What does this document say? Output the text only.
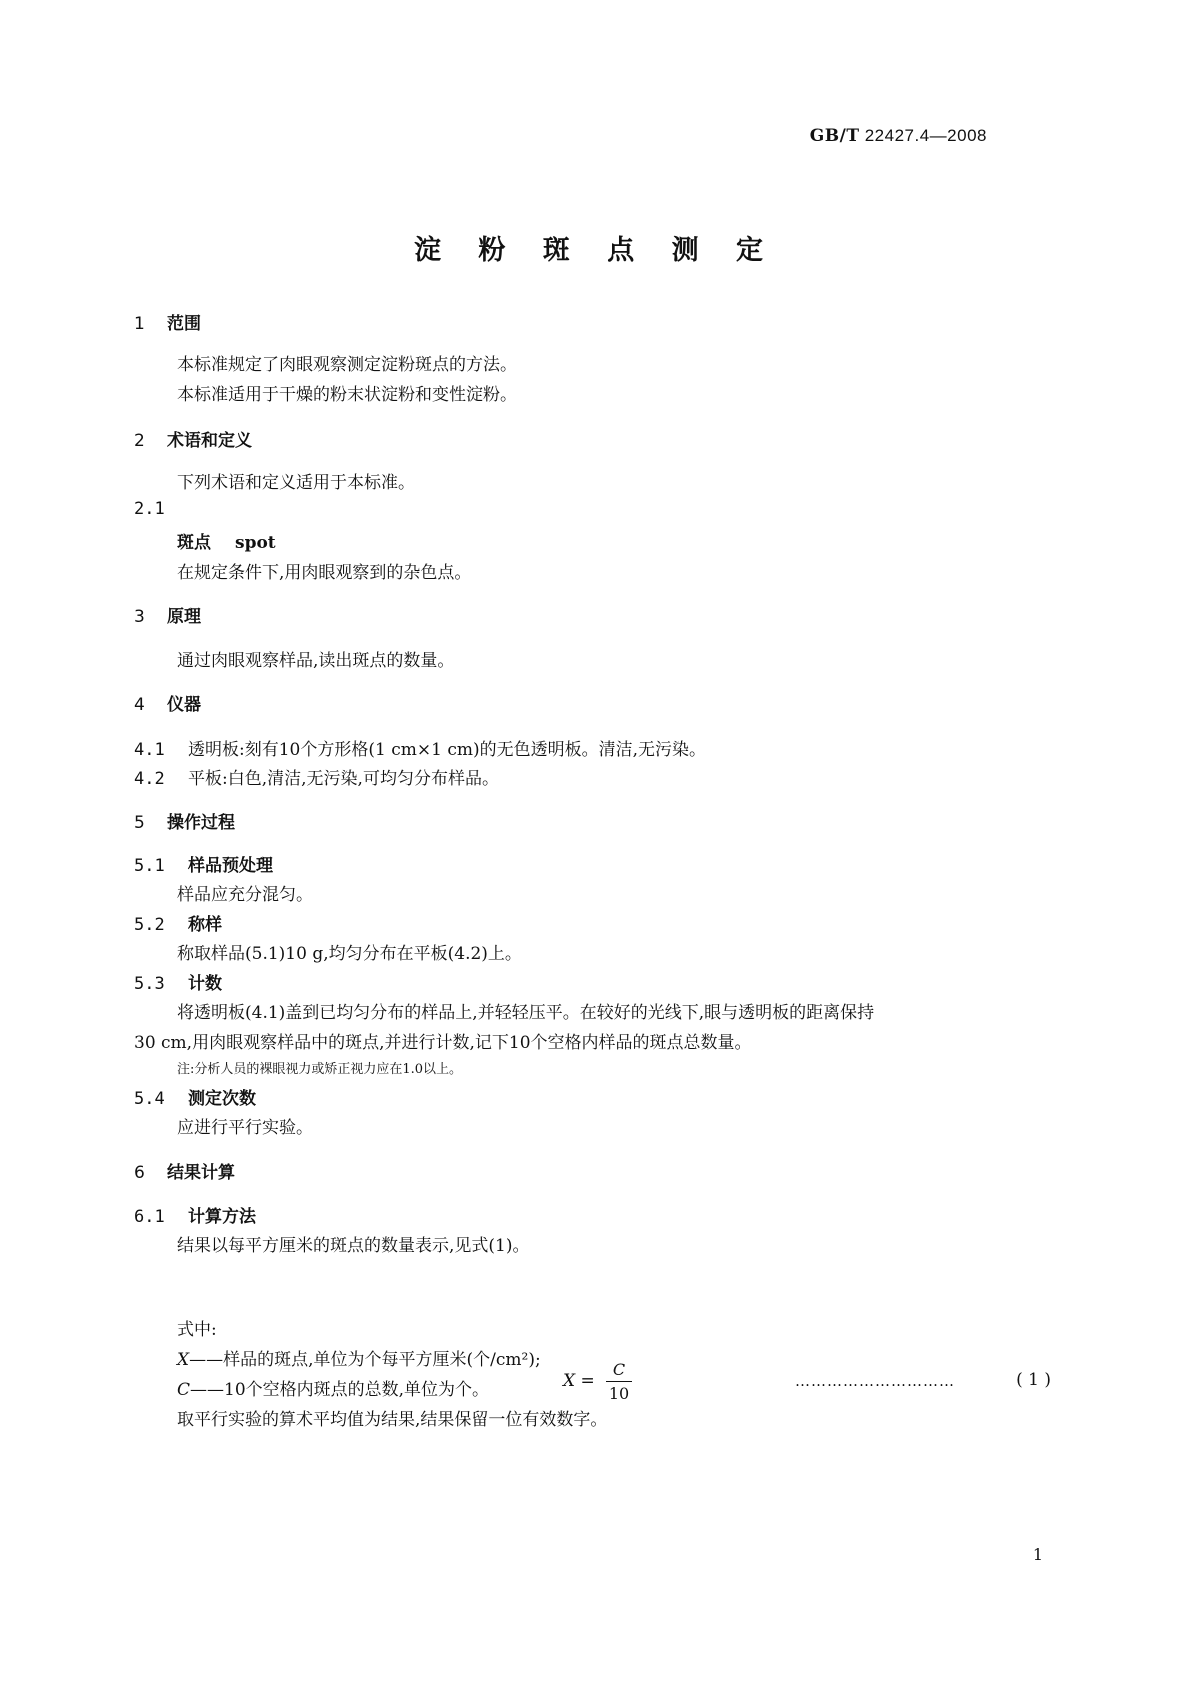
GB/T 22427.4—2008
淀 粉 斑 点 测 定
1 范围
本标准规定了肉眼观察测定淀粉斑点的方法。
本标准适用于干燥的粉末状淀粉和变性淀粉。
2 术语和定义
下列术语和定义适用于本标准。
2.1
斑点 spot
在规定条件下,用肉眼观察到的杂色点。
3 原理
通过肉眼观察样品,读出斑点的数量。
4 仪器
4.1 透明板:刻有10个方形格(1 cm×1 cm)的无色透明板。清洁,无污染。
4.2 平板:白色,清洁,无污染,可均匀分布样品。
5 操作过程
5.1 样品预处理
样品应充分混匀。
5.2 称样
称取样品(5.1)10 g,均匀分布在平板(4.2)上。
5.3 计数
将透明板(4.1)盖到已均匀分布的样品上,并轻轻压平。在较好的光线下,眼与透明板的距离保持
30 cm,用肉眼观察样品中的斑点,并进行计数,记下10个空格内样品的斑点总数量。
注:分析人员的裸眼视力或矫正视力应在1.0以上。
5.4 测定次数
应进行平行实验。
6 结果计算
6.1 计算方法
结果以每平方厘米的斑点的数量表示,见式(1)。
X =
C
10
…………………………	( 1 )
式中:
X——样品的斑点,单位为个每平方厘米(个/cm²);
C——10个空格内斑点的总数,单位为个。
取平行实验的算术平均值为结果,结果保留一位有效数字。
1
